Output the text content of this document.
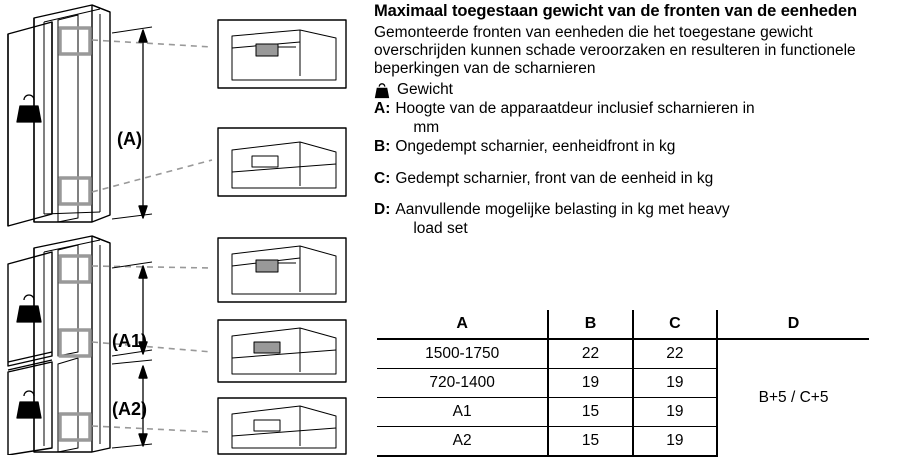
(A)
(A1)
(A2)
Maximaal toegestaan gewicht van de fronten van de eenheden
Gemonteerde fronten van eenheden die het toegestane gewicht overschrijden kunnen schade veroorzaken en resulteren in functionele beperkingen van de scharnieren
Gewicht
A: Hoogte van de apparaatdeur inclusief scharnieren in
mm
B: Ongedempt scharnier, eenheidfront in kg
C: Gedempt scharnier, front van de eenheid in kg
D: Aanvullende mogelijke belasting in kg met heavy
load set
A	B	C	D
1500-1750	22	22	B+5 / C+5
720-1400	19	19	
A1	15	19	
A2	15	19	
